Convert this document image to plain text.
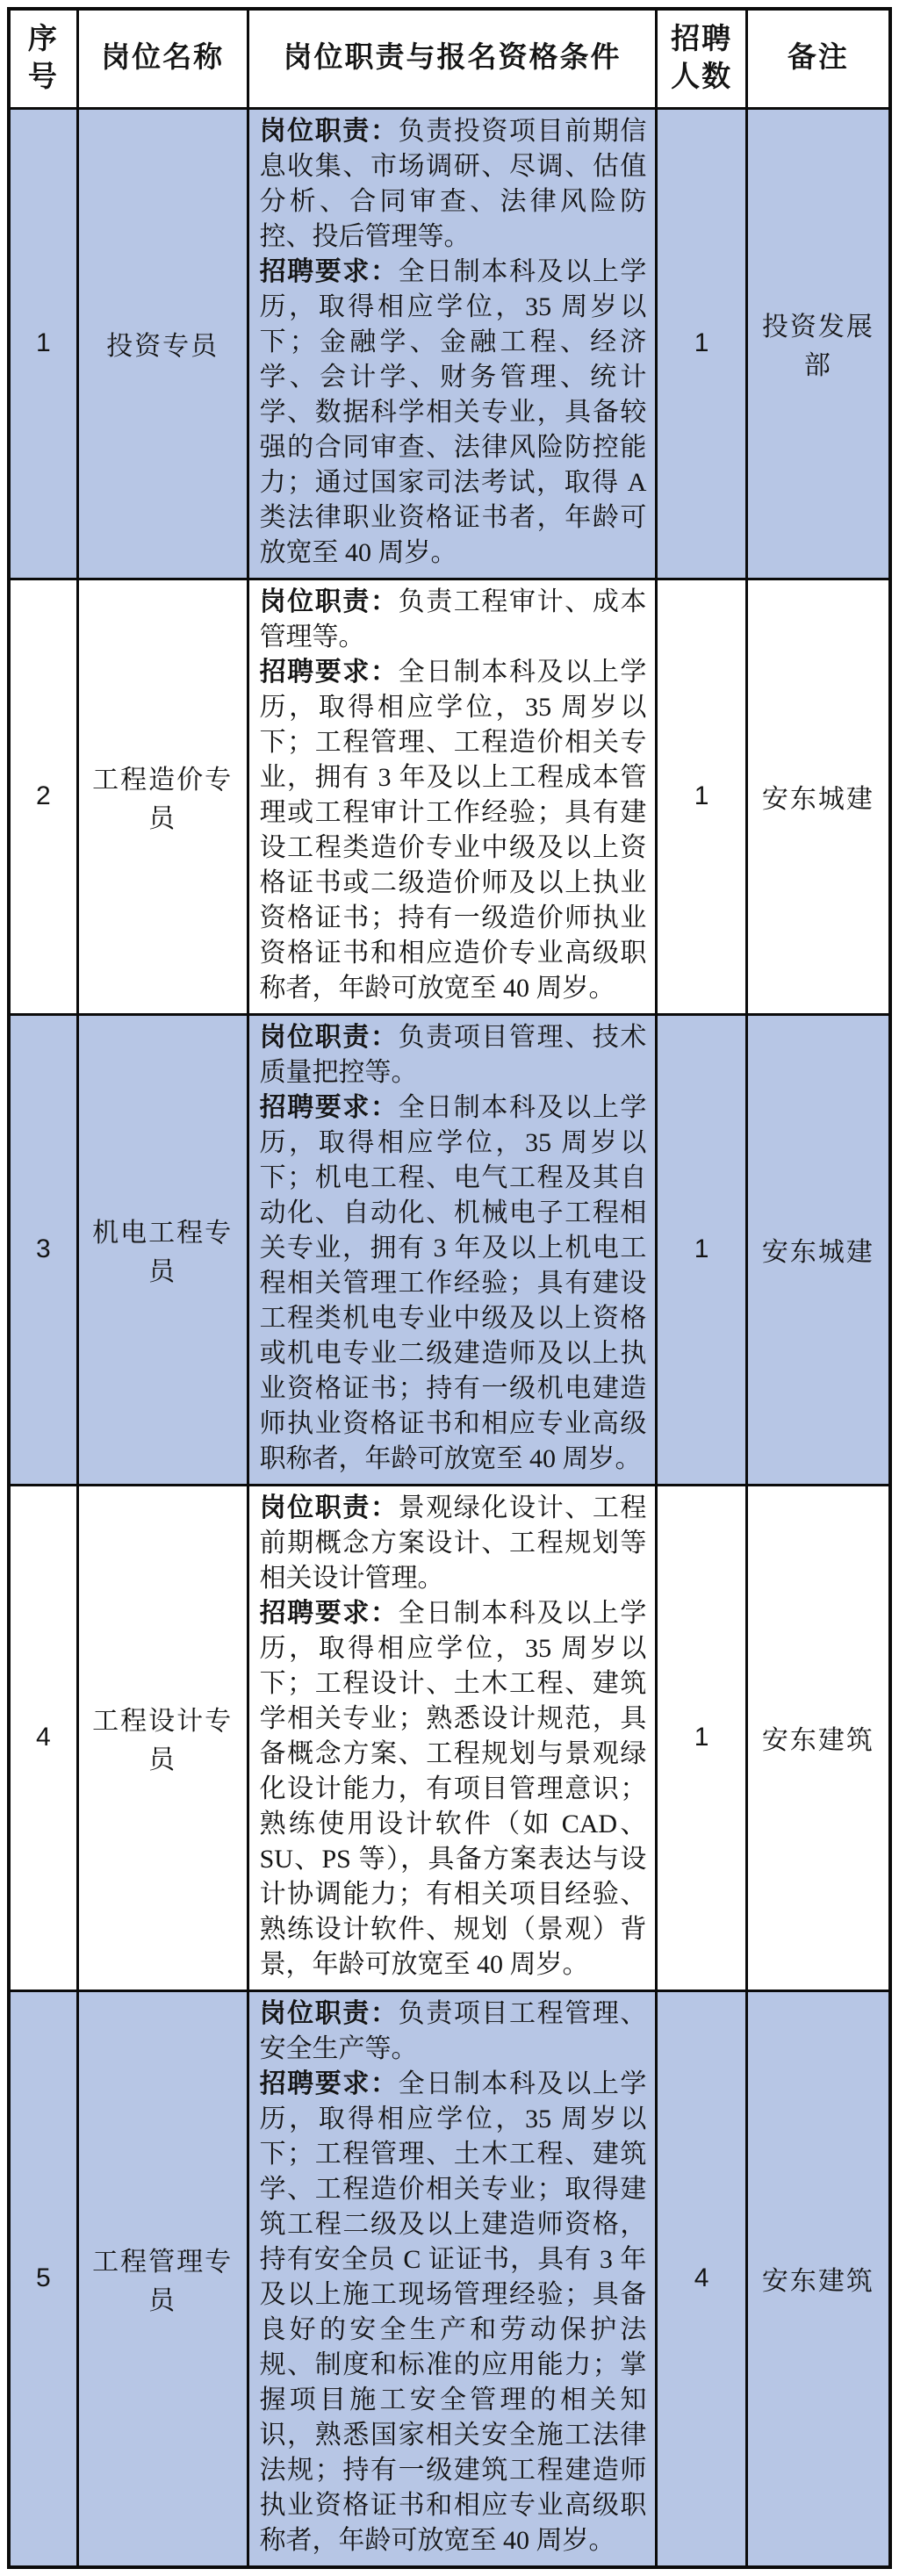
序号	岗位名称	岗位职责与报名资格条件	招聘人数	备注
1	投资专员	岗位职责：负责投资项目前期信息收集、市场调研、尽调、估值分析、合同审查、法律风险防控、投后管理等。

招聘要求：全日制本科及以上学历，取得相应学位，35 周岁以下；金融学、金融工程、经济学、会计学、财务管理、统计学、数据科学相关专业，具备较强的合同审查、法律风险防控能力；通过国家司法考试，取得 A 类法律职业资格证书者，年龄可放宽至 40 周岁。	1	投资发展部
2	工程造价专员	岗位职责：负责工程审计、成本管理等。

招聘要求：全日制本科及以上学历，取得相应学位，35 周岁以下；工程管理、工程造价相关专业，拥有 3 年及以上工程成本管理或工程审计工作经验；具有建设工程类造价专业中级及以上资格证书或二级造价师及以上执业资格证书；持有一级造价师执业资格证书和相应造价专业高级职称者，年龄可放宽至 40 周岁。	1	安东城建
3	机电工程专员	岗位职责：负责项目管理、技术质量把控等。

招聘要求：全日制本科及以上学历，取得相应学位，35 周岁以下；机电工程、电气工程及其自动化、自动化、机械电子工程相关专业，拥有 3 年及以上机电工程相关管理工作经验；具有建设工程类机电专业中级及以上资格或机电专业二级建造师及以上执业资格证书；持有一级机电建造师执业资格证书和相应专业高级职称者，年龄可放宽至 40 周岁。	1	安东城建
4	工程设计专员	岗位职责：景观绿化设计、工程前期概念方案设计、工程规划等相关设计管理。

招聘要求：全日制本科及以上学历，取得相应学位，35 周岁以下；工程设计、土木工程、建筑学相关专业；熟悉设计规范，具备概念方案、工程规划与景观绿化设计能力，有项目管理意识；熟练使用设计软件（如 CAD、SU、PS 等），具备方案表达与设计协调能力；有相关项目经验、熟练设计软件、规划（景观）背景，年龄可放宽至 40 周岁。	1	安东建筑
5	工程管理专员	岗位职责：负责项目工程管理、安全生产等。

招聘要求：全日制本科及以上学历，取得相应学位，35 周岁以下；工程管理、土木工程、建筑学、工程造价相关专业；取得建筑工程二级及以上建造师资格，持有安全员 C 证证书，具有 3 年及以上施工现场管理经验；具备良好的安全生产和劳动保护法规、制度和标准的应用能力；掌握项目施工安全管理的相关知识，熟悉国家相关安全施工法律法规；持有一级建筑工程建造师执业资格证书和相应专业高级职称者，年龄可放宽至 40 周岁。	4	安东建筑
